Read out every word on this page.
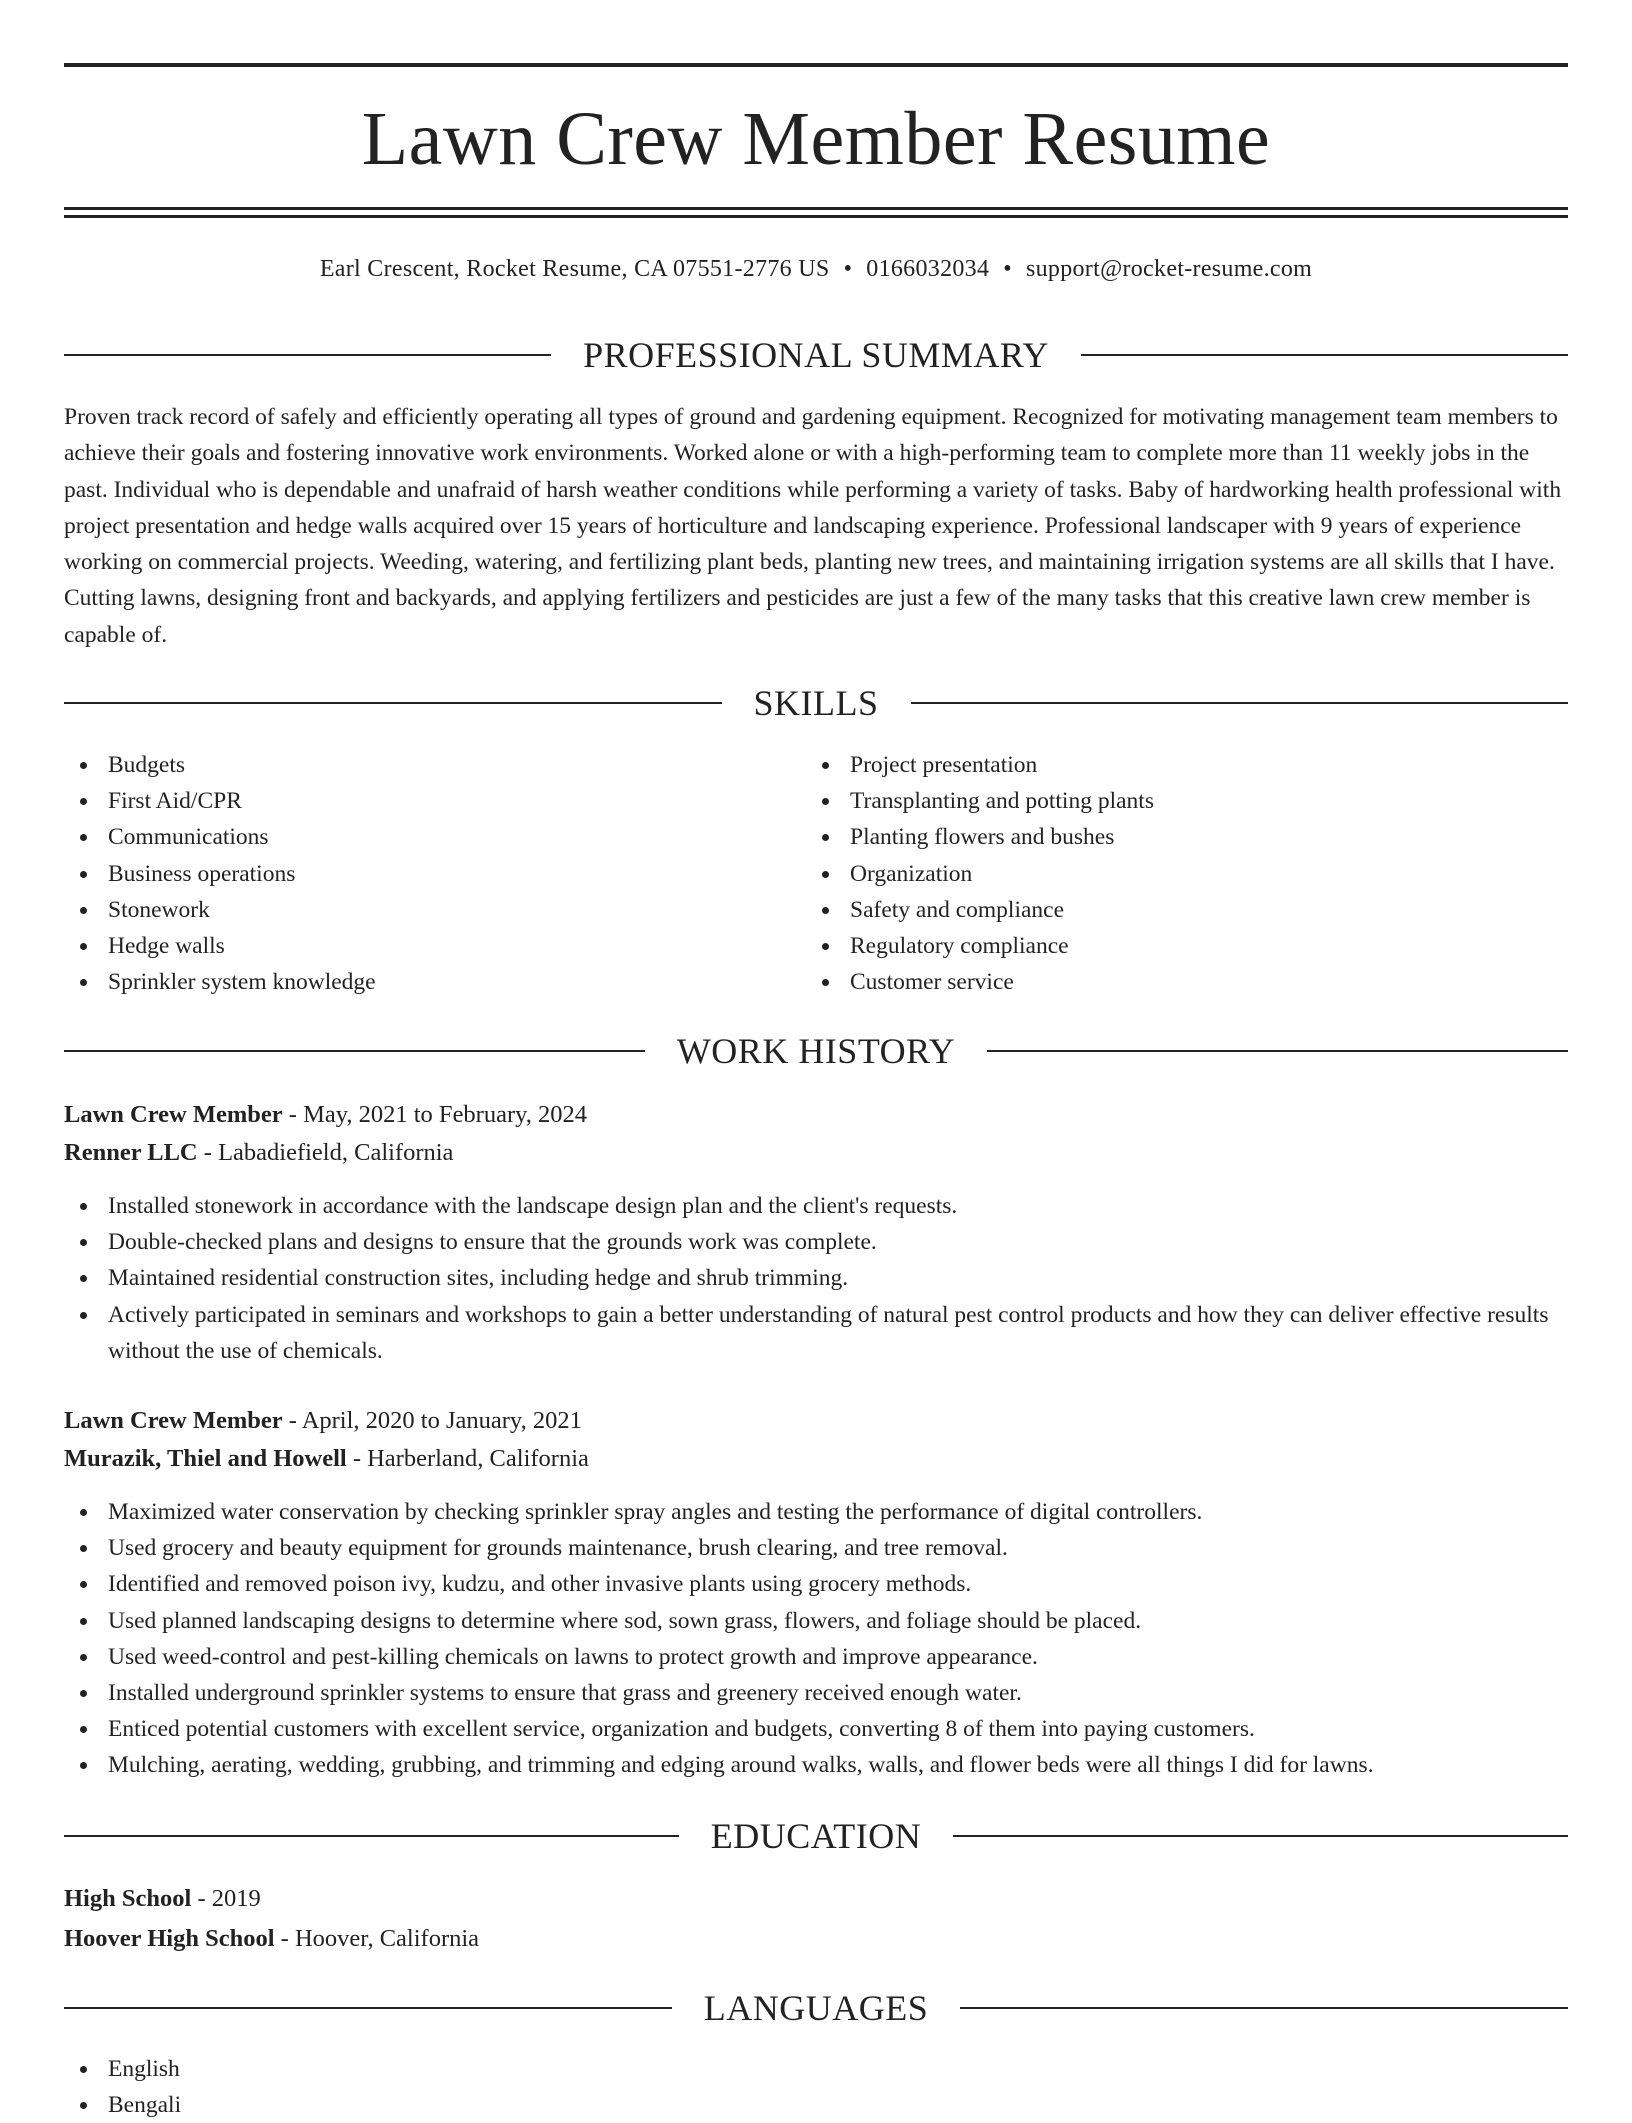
Lawn Crew Member Resume
Earl Crescent, Rocket Resume, CA 07551-2776 US • 0166032034 • support@rocket-resume.com
PROFESSIONAL SUMMARY

Proven track record of safely and efficiently operating all types of ground and gardening equipment. Recognized for motivating management team members to achieve their goals and fostering innovative work environments. Worked alone or with a high-performing team to complete more than 11 weekly jobs in the past. Individual who is dependable and unafraid of harsh weather conditions while performing a variety of tasks. Baby of hardworking health professional with project presentation and hedge walls acquired over 15 years of horticulture and landscaping experience. Professional landscaper with 9 years of experience working on commercial projects. Weeding, watering, and fertilizing plant beds, planting new trees, and maintaining irrigation systems are all skills that I have. Cutting lawns, designing front and backyards, and applying fertilizers and pesticides are just a few of the many tasks that this creative lawn crew member is capable of.

SKILLS
Budgets
First Aid/CPR
Communications
Business operations
Stonework
Hedge walls
Sprinkler system knowledge
Project presentation
Transplanting and potting plants
Planting flowers and bushes
Organization
Safety and compliance
Regulatory compliance
Customer service
WORK HISTORY
Lawn Crew Member - May, 2021 to February, 2024
Renner LLC - Labadiefield, California
Installed stonework in accordance with the landscape design plan and the client's requests.
Double-checked plans and designs to ensure that the grounds work was complete.
Maintained residential construction sites, including hedge and shrub trimming.
Actively participated in seminars and workshops to gain a better understanding of natural pest control products and how they can deliver effective results without the use of chemicals.
Lawn Crew Member - April, 2020 to January, 2021
Murazik, Thiel and Howell - Harberland, California
Maximized water conservation by checking sprinkler spray angles and testing the performance of digital controllers.
Used grocery and beauty equipment for grounds maintenance, brush clearing, and tree removal.
Identified and removed poison ivy, kudzu, and other invasive plants using grocery methods.
Used planned landscaping designs to determine where sod, sown grass, flowers, and foliage should be placed.
Used weed-control and pest-killing chemicals on lawns to protect growth and improve appearance.
Installed underground sprinkler systems to ensure that grass and greenery received enough water.
Enticed potential customers with excellent service, organization and budgets, converting 8 of them into paying customers.
Mulching, aerating, wedding, grubbing, and trimming and edging around walks, walls, and flower beds were all things I did for lawns.
EDUCATION
High School - 2019
Hoover High School - Hoover, California
LANGUAGES
English
Bengali
